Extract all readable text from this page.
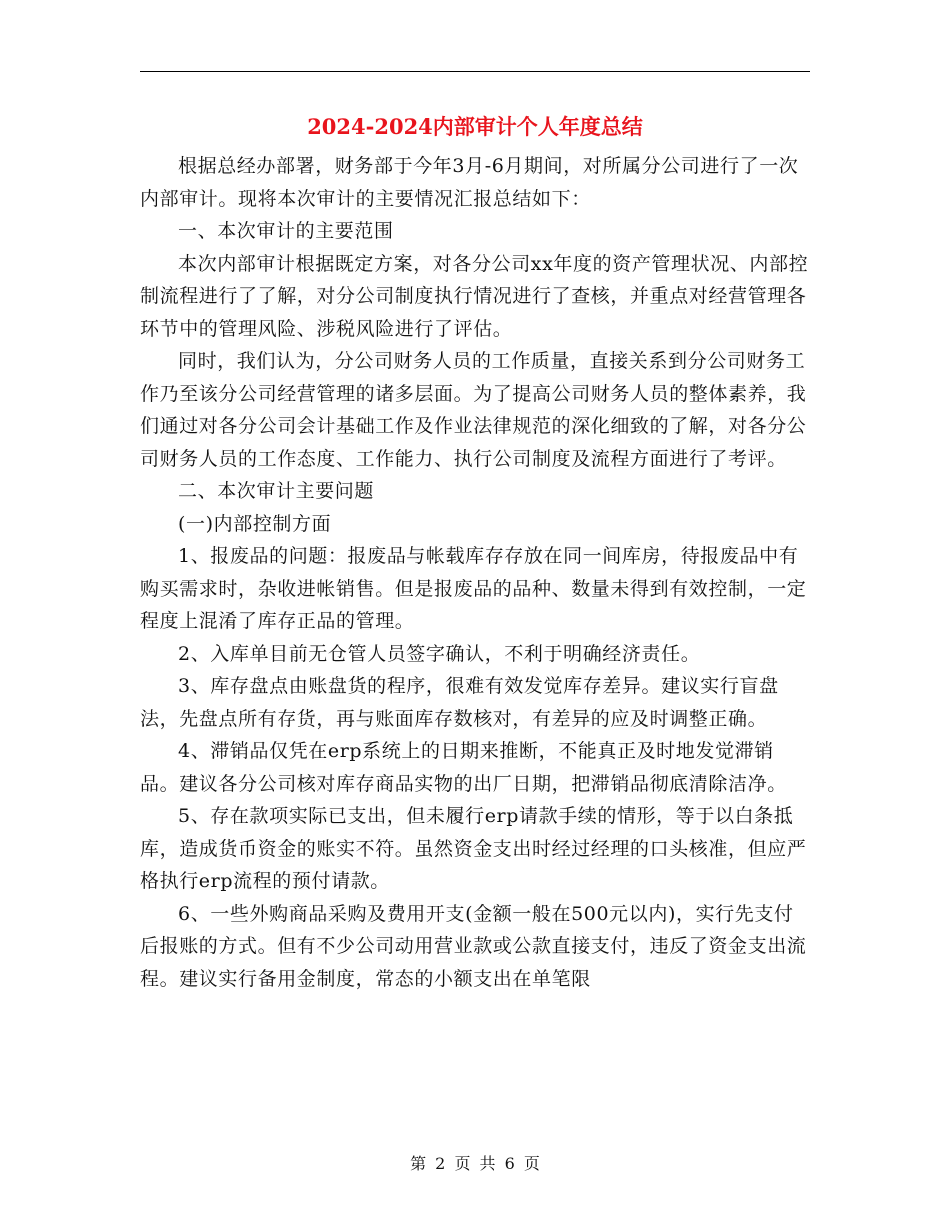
2024-2024内部审计个人年度总结

根据总经办部署，财务部于今年3月-6月期间，对所属分公司进行了一次内部审计。现将本次审计的主要情况汇报总结如下：

一、本次审计的主要范围

本次内部审计根据既定方案，对各分公司xx年度的资产管理状况、内部控制流程进行了了解，对分公司制度执行情况进行了查核，并重点对经营管理各环节中的管理风险、涉税风险进行了评估。

同时，我们认为，分公司财务人员的工作质量，直接关系到分公司财务工作乃至该分公司经营管理的诸多层面。为了提高公司财务人员的整体素养，我们通过对各分公司会计基础工作及作业法律规范的深化细致的了解，对各分公司财务人员的工作态度、工作能力、执行公司制度及流程方面进行了考评。

二、本次审计主要问题

(一)内部控制方面

1、报废品的问题：报废品与帐载库存存放在同一间库房，待报废品中有购买需求时，杂收进帐销售。但是报废品的品种、数量未得到有效控制，一定程度上混淆了库存正品的管理。

2、入库单目前无仓管人员签字确认，不利于明确经济责任。

3、库存盘点由账盘货的程序，很难有效发觉库存差异。建议实行盲盘法，先盘点所有存货，再与账面库存数核对，有差异的应及时调整正确。

4、滞销品仅凭在erp系统上的日期来推断，不能真正及时地发觉滞销品。建议各分公司核对库存商品实物的出厂日期，把滞销品彻底清除洁净。

5、存在款项实际已支出，但未履行erp请款手续的情形，等于以白条抵库，造成货币资金的账实不符。虽然资金支出时经过经理的口头核准，但应严格执行erp流程的预付请款。

6、一些外购商品采购及费用开支(金额一般在500元以内)，实行先支付后报账的方式。但有不少公司动用营业款或公款直接支付，违反了资金支出流程。建议实行备用金制度，常态的小额支出在单笔限

第 2 页 共 6 页
